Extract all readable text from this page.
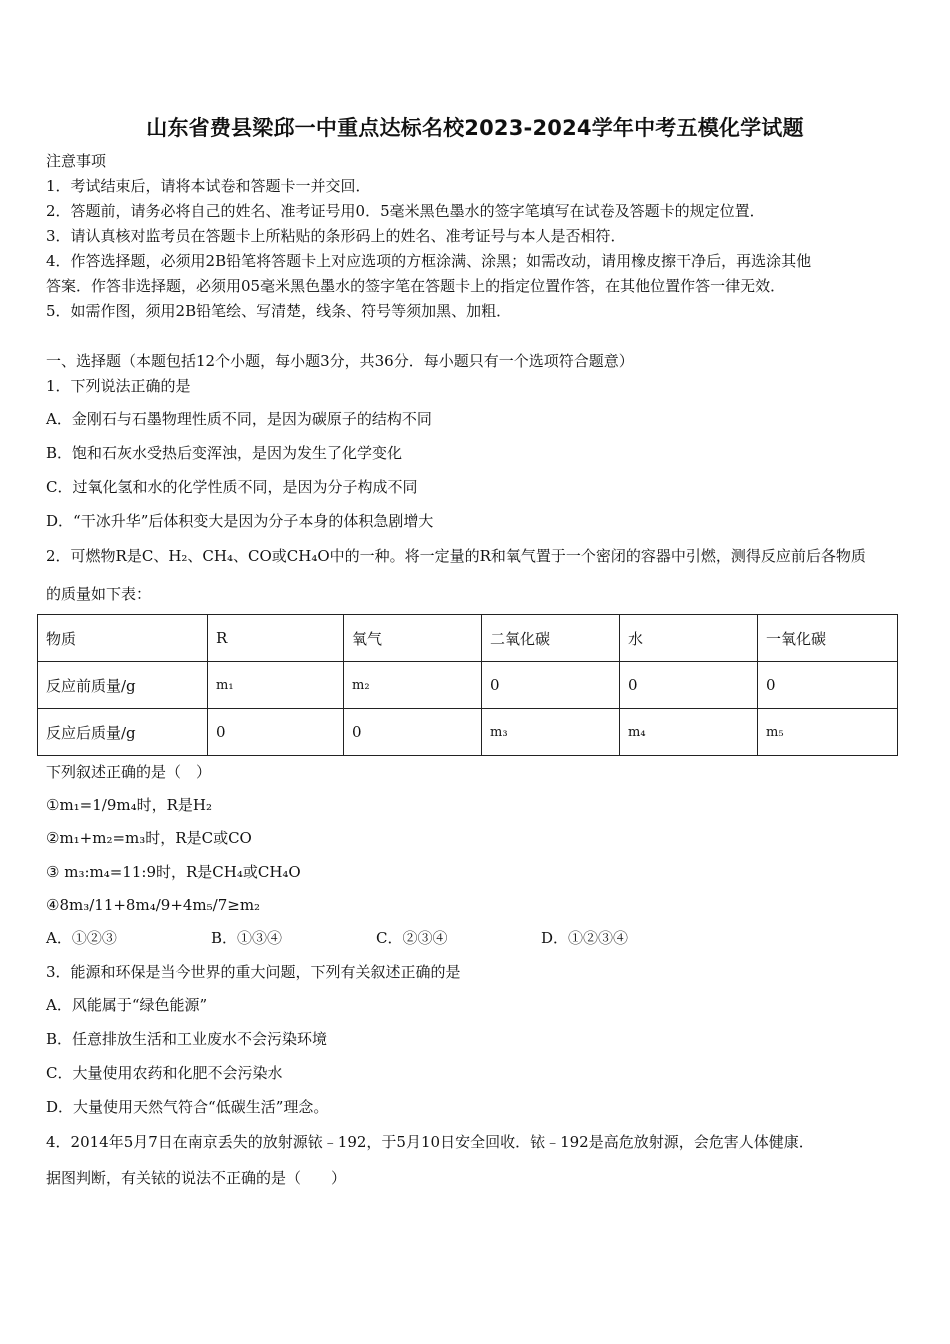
山东省费县梁邱一中重点达标名校2023-2024学年中考五模化学试题
注意事项
1．考试结束后，请将本试卷和答题卡一并交回．
2．答题前，请务必将自己的姓名、准考证号用0．5毫米黑色墨水的签字笔填写在试卷及答题卡的规定位置．
3．请认真核对监考员在答题卡上所粘贴的条形码上的姓名、准考证号与本人是否相符．
4．作答选择题，必须用2B铅笔将答题卡上对应选项的方框涂满、涂黑；如需改动，请用橡皮擦干净后，再选涂其他
答案．作答非选择题，必须用05毫米黑色墨水的签字笔在答题卡上的指定位置作答，在其他位置作答一律无效．
5．如需作图，须用2B铅笔绘、写清楚，线条、符号等须加黑、加粗．
一、选择题（本题包括12个小题，每小题3分，共36分．每小题只有一个选项符合题意）
1．下列说法正确的是
A．金刚石与石墨物理性质不同，是因为碳原子的结构不同
B．饱和石灰水受热后变浑浊，是因为发生了化学变化
C．过氧化氢和水的化学性质不同，是因为分子构成不同
D．“干冰升华”后体积变大是因为分子本身的体积急剧增大
2．可燃物R是C、H₂、CH₄、CO或CH₄O中的一种。将一定量的R和氧气置于一个密闭的容器中引燃，测得反应前后各物质
的质量如下表：
物质	R	氧气	二氧化碳	水	一氧化碳
反应前质量/g	m₁	m₂	0	0	0
反应后质量/g	0	0	m₃	m₄	m₅
下列叙述正确的是（　）
①m₁=1/9m₄时，R是H₂
②m₁+m₂=m₃时，R是C或CO
③ m₃:m₄=11:9时，R是CH₄或CH₄O
④8m₃/11+8m₄/9+4m₅/7≥m₂
A．①②③	B．①③④	C．②③④	D．①②③④
3．能源和环保是当今世界的重大问题，下列有关叙述正确的是
A．风能属于“绿色能源”
B．任意排放生活和工业废水不会污染环境
C．大量使用农药和化肥不会污染水
D．大量使用天然气符合“低碳生活”理念。
4．2014年5月7日在南京丢失的放射源铱﹣192，于5月10日安全回收．铱﹣192是高危放射源，会危害人体健康．
据图判断，有关铱的说法不正确的是（　　）
